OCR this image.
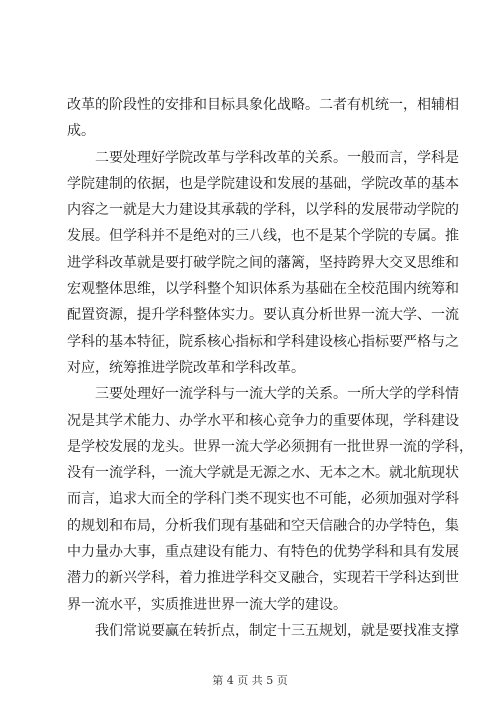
改革的阶段性的安排和目标具象化战略。二者有机统一，相辅相
成。
二要处理好学院改革与学科改革的关系。一般而言，学科是
学院建制的依据，也是学院建设和发展的基础，学院改革的基本
内容之一就是大力建设其承载的学科，以学科的发展带动学院的
发展。但学科并不是绝对的三八线，也不是某个学院的专属。推
进学科改革就是要打破学院之间的藩篱，坚持跨界大交叉思维和
宏观整体思维，以学科整个知识体系为基础在全校范围内统筹和
配置资源，提升学科整体实力。要认真分析世界一流大学、一流
学科的基本特征，院系核心指标和学科建设核心指标要严格与之
对应，统筹推进学院改革和学科改革。
三要处理好一流学科与一流大学的关系。一所大学的学科情
况是其学术能力、办学水平和核心竞争力的重要体现，学科建设
是学校发展的龙头。世界一流大学必须拥有一批世界一流的学科，
没有一流学科，一流大学就是无源之水、无本之木。就北航现状
而言，追求大而全的学科门类不现实也不可能，必须加强对学科
的规划和布局，分析我们现有基础和空天信融合的办学特色，集
中力量办大事，重点建设有能力、有特色的优势学科和具有发展
潜力的新兴学科，着力推进学科交叉融合，实现若干学科达到世
界一流水平，实质推进世界一流大学的建设。
我们常说要赢在转折点，制定十三五规划，就是要找准支撑
第 4 页 共 5 页
